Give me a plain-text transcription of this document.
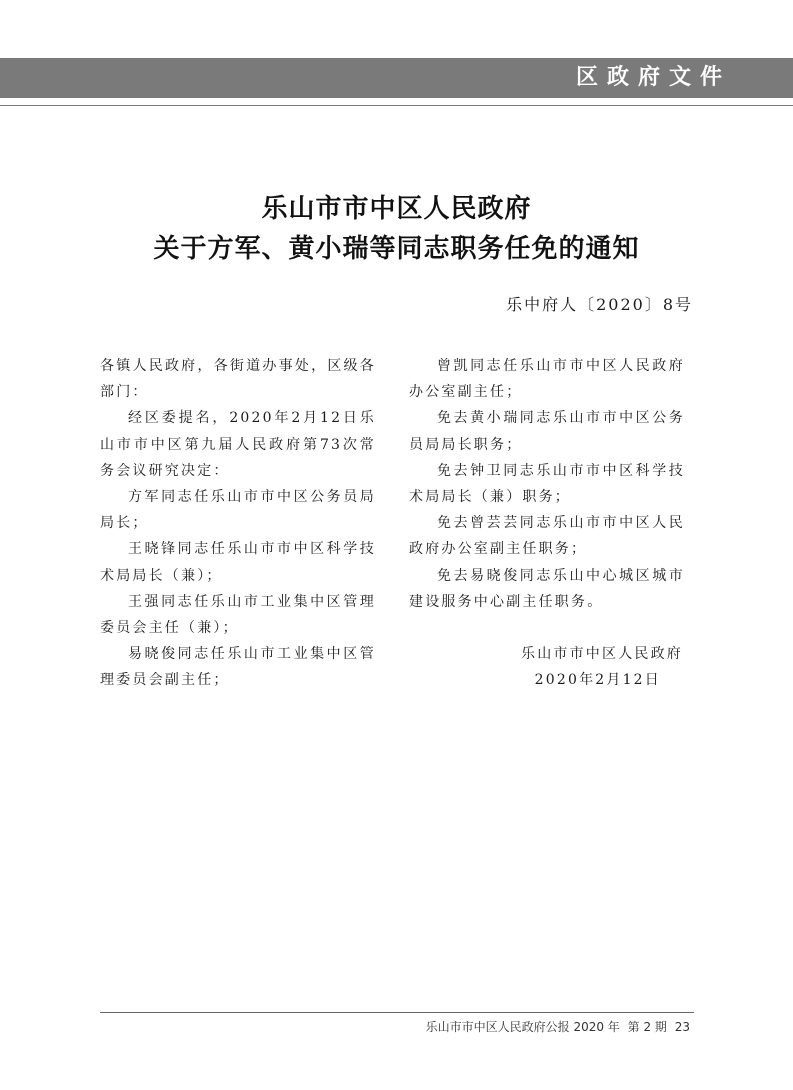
区政府文件
乐山市市中区人民政府
关于方军、黄小瑞等同志职务任免的通知
乐中府人〔2020〕8号

各镇人民政府，各街道办事处，区级各部门：

经区委提名，2020年2月12日乐山市市中区第九届人民政府第73次常务会议研究决定：

方军同志任乐山市市中区公务员局局长；

王晓锋同志任乐山市市中区科学技术局局长（兼）；

王强同志任乐山市工业集中区管理委员会主任（兼）；

易晓俊同志任乐山市工业集中区管理委员会副主任；

曾凯同志任乐山市市中区人民政府办公室副主任；

免去黄小瑞同志乐山市市中区公务员局局长职务；

免去钟卫同志乐山市市中区科学技术局局长（兼）职务；

免去曾芸芸同志乐山市市中区人民政府办公室副主任职务；

免去易晓俊同志乐山中心城区城市建设服务中心副主任职务。

乐山市市中区人民政府
2020年2月12日
乐山市市中区人民政府公报 2020 年 第 2 期 23
